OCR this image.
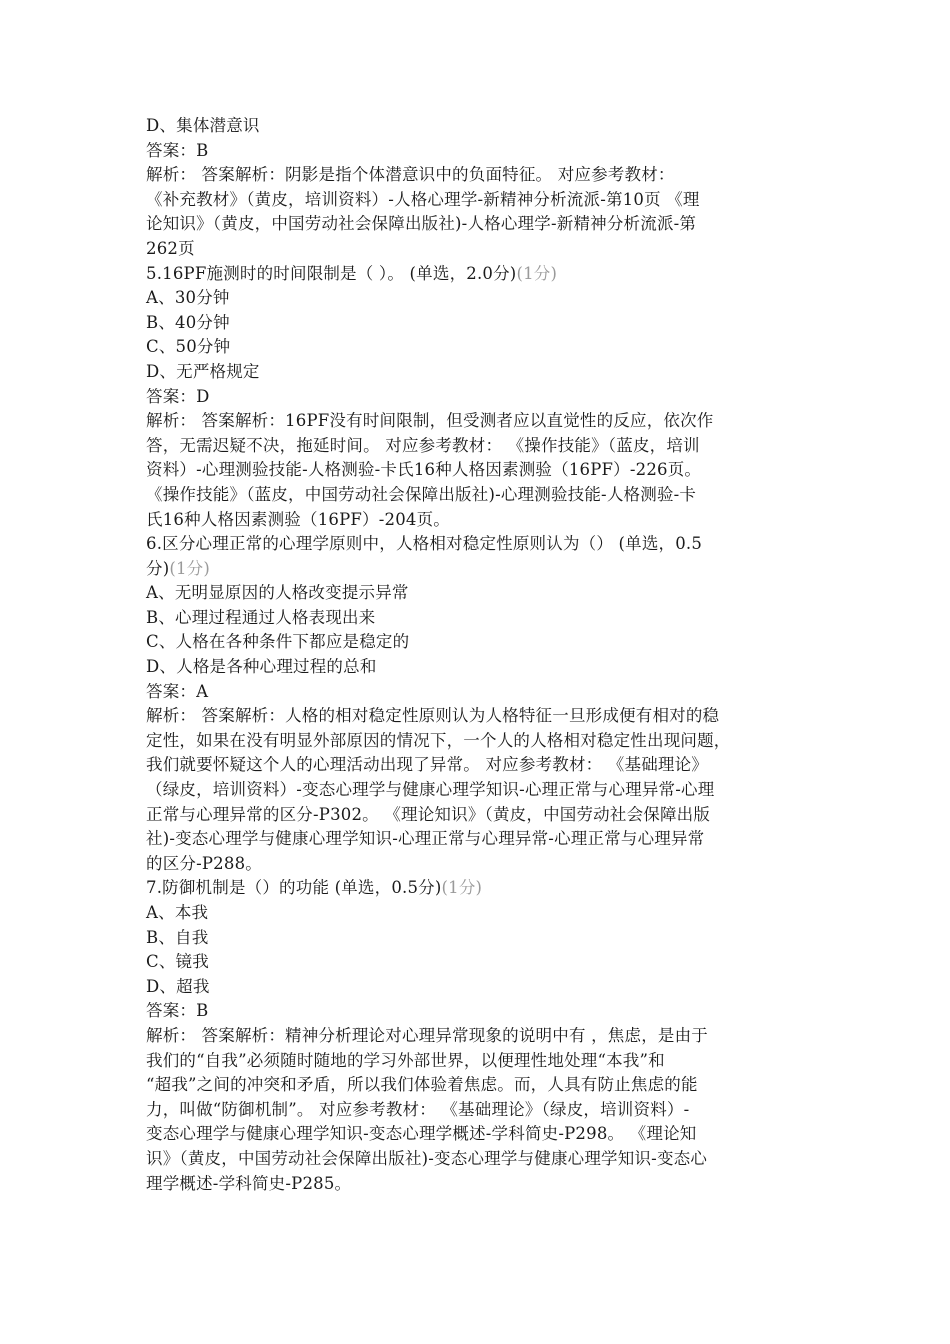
D、集体潜意识
答案：B
解析： 答案解析：阴影是指个体潜意识中的负面特征。 对应参考教材：
《补充教材》（黄皮，培训资料）-人格心理学-新精神分析流派-第10页 《理
论知识》（黄皮，中国劳动社会保障出版社)-人格心理学-新精神分析流派-第
262页
5.16PF施测时的时间限制是（ ）。 (单选，2.0分)(1分)
A、30分钟
B、40分钟
C、50分钟
D、无严格规定
答案：D
解析： 答案解析：16PF没有时间限制，但受测者应以直觉性的反应，依次作
答，无需迟疑不决，拖延时间。 对应参考教材： 《操作技能》（蓝皮，培训
资料）-心理测验技能-人格测验-卡氏16种人格因素测验（16PF）-226页。
《操作技能》（蓝皮，中国劳动社会保障出版社)-心理测验技能-人格测验-卡
氏16种人格因素测验（16PF）-204页。
6.区分心理正常的心理学原则中，人格相对稳定性原则认为（） (单选，0.5
分)(1分)
A、无明显原因的人格改变提示异常
B、心理过程通过人格表现出来
C、人格在各种条件下都应是稳定的
D、人格是各种心理过程的总和
答案：A
解析： 答案解析：人格的相对稳定性原则认为人格特征一旦形成便有相对的稳
定性，如果在没有明显外部原因的情况下，一个人的人格相对稳定性出现问题，
我们就要怀疑这个人的心理活动出现了异常。 对应参考教材： 《基础理论》
（绿皮，培训资料）-变态心理学与健康心理学知识-心理正常与心理异常-心理
正常与心理异常的区分-P302。 《理论知识》（黄皮，中国劳动社会保障出版
社)-变态心理学与健康心理学知识-心理正常与心理异常-心理正常与心理异常
的区分-P288。
7.防御机制是（）的功能 (单选，0.5分)(1分)
A、本我
B、自我
C、镜我
D、超我
答案：B
解析： 答案解析：精神分析理论对心理异常现象的说明中有 ，焦虑，是由于
我们的“自我”必须随时随地的学习外部世界，以便理性地处理“本我”和
“超我”之间的冲突和矛盾，所以我们体验着焦虑。而，人具有防止焦虑的能
力，叫做“防御机制”。 对应参考教材： 《基础理论》（绿皮，培训资料）-
变态心理学与健康心理学知识-变态心理学概述-学科简史-P298。 《理论知
识》（黄皮，中国劳动社会保障出版社)-变态心理学与健康心理学知识-变态心
理学概述-学科简史-P285。
